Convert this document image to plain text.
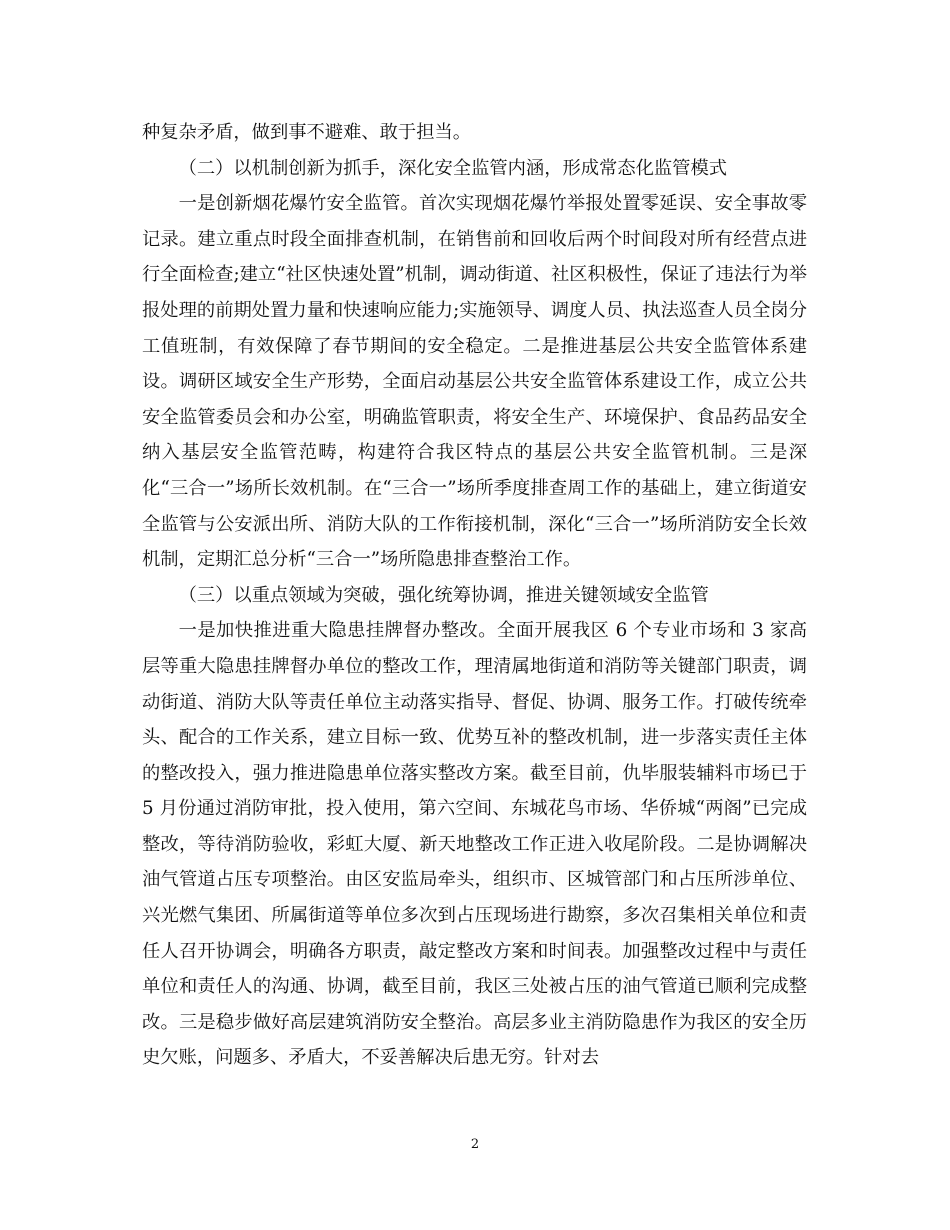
种复杂矛盾，做到事不避难、敢于担当。

（二）以机制创新为抓手，深化安全监管内涵，形成常态化监管模式

一是创新烟花爆竹安全监管。首次实现烟花爆竹举报处置零延误、安全事故零记录。建立重点时段全面排查机制，在销售前和回收后两个时间段对所有经营点进行全面检查;建立“社区快速处置”机制，调动街道、社区积极性，保证了违法行为举报处理的前期处置力量和快速响应能力;实施领导、调度人员、执法巡查人员全岗分工值班制，有效保障了春节期间的安全稳定。二是推进基层公共安全监管体系建设。调研区域安全生产形势，全面启动基层公共安全监管体系建设工作，成立公共安全监管委员会和办公室，明确监管职责，将安全生产、环境保护、食品药品安全纳入基层安全监管范畴，构建符合我区特点的基层公共安全监管机制。三是深化“三合一”场所长效机制。在“三合一”场所季度排查周工作的基础上，建立街道安全监管与公安派出所、消防大队的工作衔接机制，深化“三合一”场所消防安全长效机制，定期汇总分析“三合一”场所隐患排查整治工作。

（三）以重点领域为突破，强化统筹协调，推进关键领域安全监管

一是加快推进重大隐患挂牌督办整改。全面开展我区 6 个专业市场和 3 家高层等重大隐患挂牌督办单位的整改工作，理清属地街道和消防等关键部门职责，调动街道、消防大队等责任单位主动落实指导、督促、协调、服务工作。打破传统牵头、配合的工作关系，建立目标一致、优势互补的整改机制，进一步落实责任主体的整改投入，强力推进隐患单位落实整改方案。截至目前，仇毕服装辅料市场已于 5 月份通过消防审批，投入使用，第六空间、东城花鸟市场、华侨城“两阁”已完成整改，等待消防验收，彩虹大厦、新天地整改工作正进入收尾阶段。二是协调解决油气管道占压专项整治。由区安监局牵头，组织市、区城管部门和占压所涉单位、兴光燃气集团、所属街道等单位多次到占压现场进行勘察，多次召集相关单位和责任人召开协调会，明确各方职责，敲定整改方案和时间表。加强整改过程中与责任单位和责任人的沟通、协调，截至目前，我区三处被占压的油气管道已顺利完成整改。三是稳步做好高层建筑消防安全整治。高层多业主消防隐患作为我区的安全历史欠账，问题多、矛盾大，不妥善解决后患无穷。针对去

2
